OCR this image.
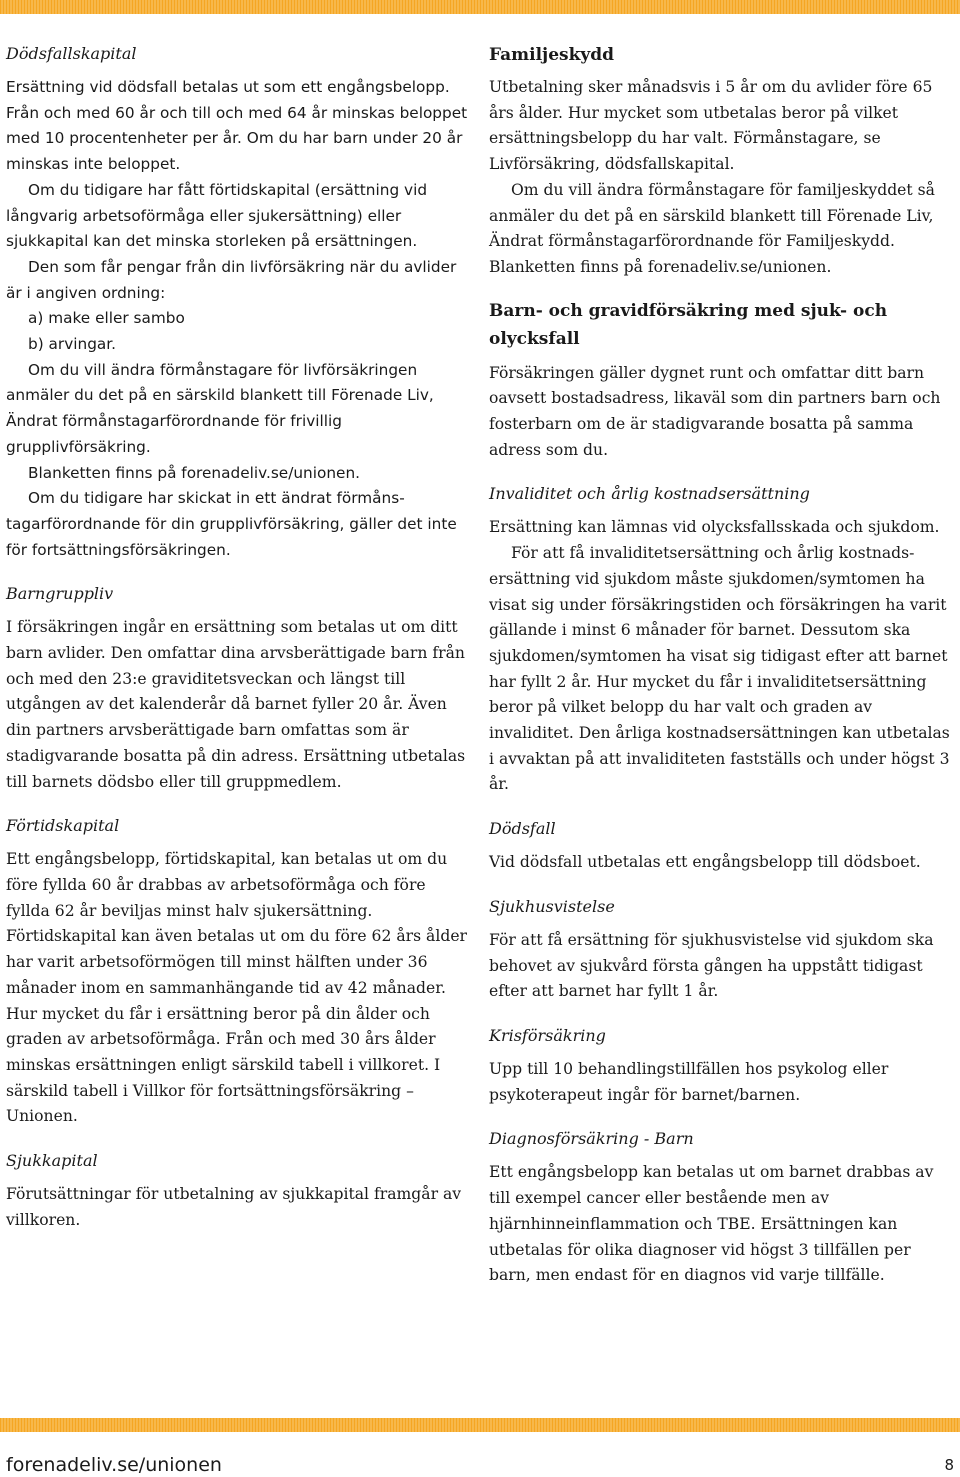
Dödsfallskapital

Ersättning vid dödsfall betalas ut som ett engångsbelopp. Från och med 60 år och till och med 64 år minskas beloppet med 10 procentenheter per år. Om du har barn under 20 år minskas inte beloppet.

Om du tidigare har fått förtidskapital (ersättning vid långvarig arbetsoförmåga eller sjukersättning) eller sjukkapital kan det minska storleken på ersättningen.

Den som får pengar från din livförsäkring när du avlider är i angiven ordning:

a) make eller sambo

b) arvingar.

Om du vill ändra förmånstagare för livförsäkringen anmäler du det på en särskild blankett till Förenade Liv, Ändrat förmånstagarförordnande för frivillig grupplivförsäkring.

Blanketten finns på forenadeliv.se/unionen.

Om du tidigare har skickat in ett ändrat förmånstagarförordnande för din grupplivförsäkring, gäller det inte för fortsättningsförsäkringen.

Barngruppliv

I försäkringen ingår en ersättning som betalas ut om ditt barn avlider. Den omfattar dina arvsberättigade barn från och med den 23:e graviditetsveckan och längst till utgången av det kalenderår då barnet fyller 20 år. Även din partners arvsberättigade barn omfattas som är stadigvarande bosatta på din adress. Ersättning utbetalas till barnets dödsbo eller till gruppmedlem.

Förtidskapital

Ett engångsbelopp, förtidskapital, kan betalas ut om du före fyllda 60 år drabbas av arbetsoförmåga och före fyllda 62 år beviljas minst halv sjukersättning. Förtidskapital kan även betalas ut om du före 62 års ålder har varit arbetsoförmögen till minst hälften under 36 månader inom en sammanhängande tid av 42 månader. Hur mycket du får i ersättning beror på din ålder och graden av arbetsoförmåga. Från och med 30 års ålder minskas ersättningen enligt särskild tabell i villkoret. I särskild tabell i Villkor för fortsättningsförsäkring – Unionen.

Sjukkapital

Förutsättningar för utbetalning av sjukkapital framgår av villkoren.

Familjeskydd

Utbetalning sker månadsvis i 5 år om du avlider före 65 års ålder. Hur mycket som utbetalas beror på vilket ersättningsbelopp du har valt. Förmånstagare, se Livförsäkring, dödsfallskapital.

Om du vill ändra förmånstagare för familjeskyddet så anmäler du det på en särskild blankett till Förenade Liv, Ändrat förmånstagarförordnande för Familjeskydd. Blanketten finns på forenadeliv.se/unionen.

Barn- och gravidförsäkring med sjuk- och olycksfall

Försäkringen gäller dygnet runt och omfattar ditt barn oavsett bostadsadress, likaväl som din partners barn och fosterbarn om de är stadigvarande bosatta på samma adress som du.

Invaliditet och årlig kostnadsersättning

Ersättning kan lämnas vid olycksfallsskada och sjukdom.

För att få invaliditetsersättning och årlig kostnadsersättning vid sjukdom måste sjukdomen/symtomen ha visat sig under försäkringstiden och försäkringen ha varit gällande i minst 6 månader för barnet. Dessutom ska sjukdomen/symtomen ha visat sig tidigast efter att barnet har fyllt 2 år. Hur mycket du får i invaliditetsersättning beror på vilket belopp du har valt och graden av invaliditet. Den årliga kostnadsersättningen kan utbetalas i avvaktan på att invaliditeten fastställs och under högst 3 år.

Dödsfall

Vid dödsfall utbetalas ett engångsbelopp till dödsboet.

Sjukhusvistelse

För att få ersättning för sjukhusvistelse vid sjukdom ska behovet av sjukvård första gången ha uppstått tidigast efter att barnet har fyllt 1 år.

Krisförsäkring

Upp till 10 behandlingstillfällen hos psykolog eller psykoterapeut ingår för barnet/barnen.

Diagnosförsäkring - Barn

Ett engångsbelopp kan betalas ut om barnet drabbas av till exempel cancer eller bestående men av hjärnhinneinflammation och TBE. Ersättningen kan utbetalas för olika diagnoser vid högst 3 tillfällen per barn, men endast för en diagnos vid varje tillfälle.

forenadeliv.se/unionen	8
